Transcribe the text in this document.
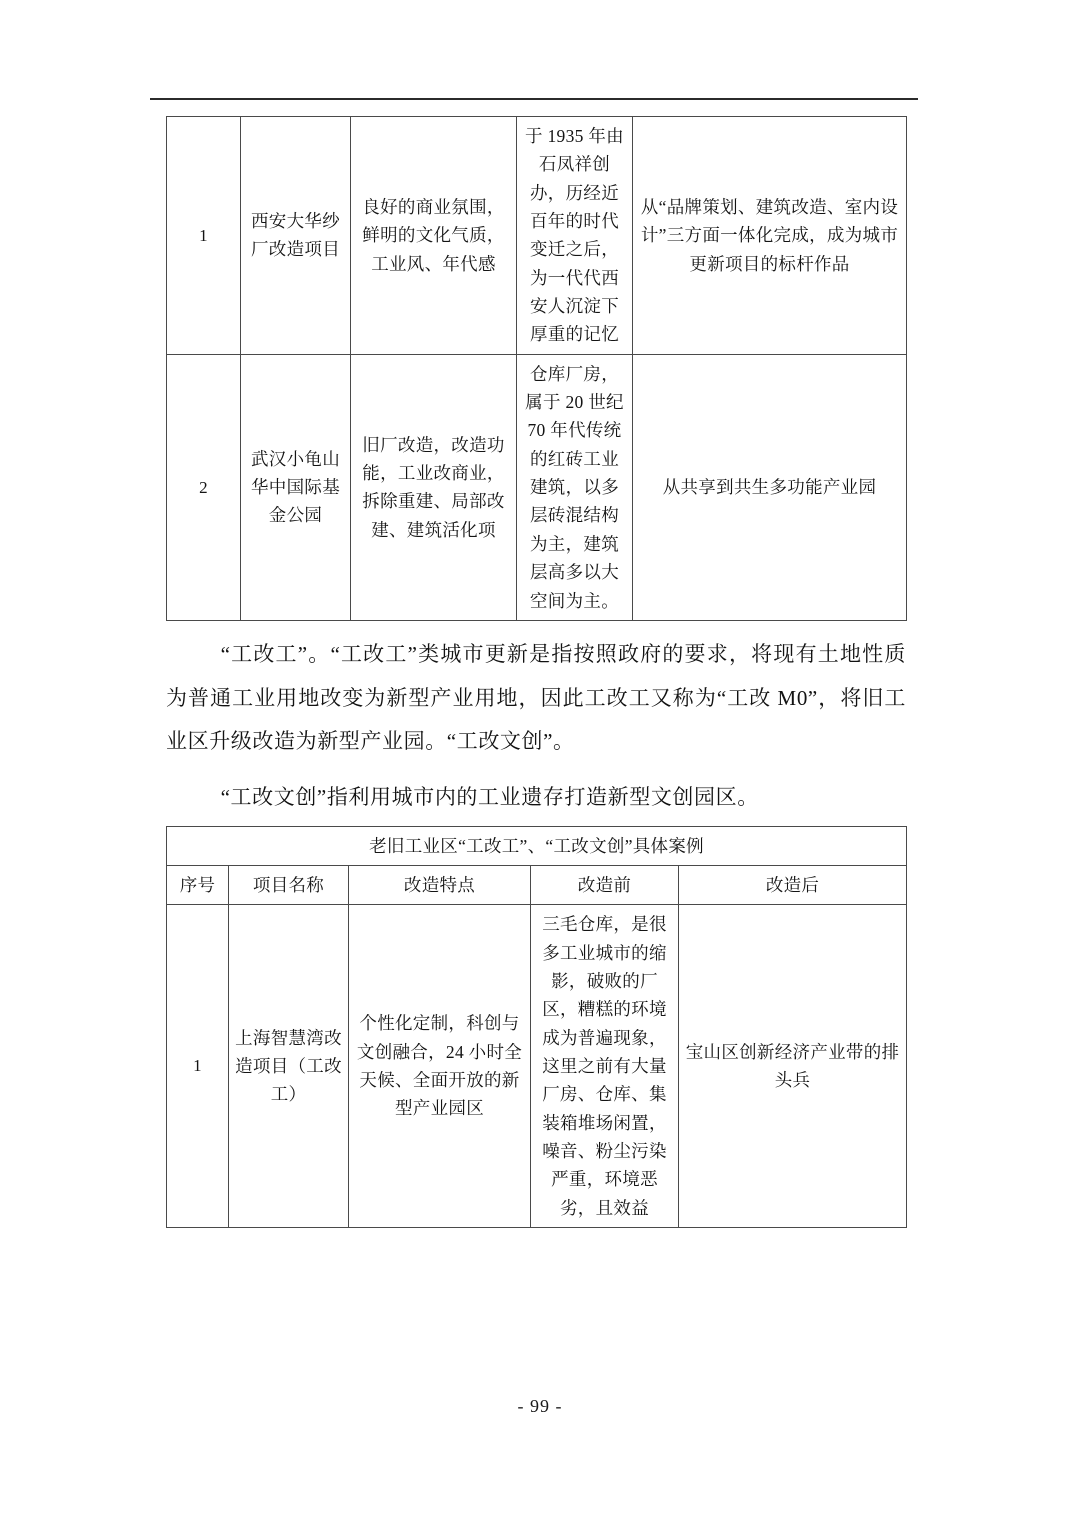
1	西安大华纱厂改造项目	良好的商业氛围，鲜明的文化气质，工业风、年代感	于 1935 年由石凤祥创办，历经近百年的时代变迁之后，为一代代西安人沉淀下厚重的记忆	从“品牌策划、建筑改造、室内设计”三方面一体化完成，成为城市更新项目的标杆作品
2	武汉小龟山华中国际基金公园	旧厂改造，改造功能，工业改商业，拆除重建、局部改建、建筑活化项	仓库厂房，属于 20 世纪 70 年代传统的红砖工业建筑，以多层砖混结构为主，建筑层高多以大空间为主。	从共享到共生多功能产业园

“工改工”。“工改工”类城市更新是指按照政府的要求，将现有土地性质为普通工业用地改变为新型产业用地，因此工改工又称为“工改 M0”，将旧工业区升级改造为新型产业园。“工改文创”。

“工改文创”指利用城市内的工业遗存打造新型文创园区。

老旧工业区“工改工”、“工改文创”具体案例				
序号	项目名称	改造特点	改造前	改造后
1	上海智慧湾改造项目（工改工）	个性化定制，科创与文创融合，24 小时全天候、全面开放的新型产业园区	三毛仓库，是很多工业城市的缩影，破败的厂区，糟糕的环境成为普遍现象，这里之前有大量厂房、仓库、集装箱堆场闲置，噪音、粉尘污染严重，环境恶劣，且效益	宝山区创新经济产业带的排头兵
- 99 -
